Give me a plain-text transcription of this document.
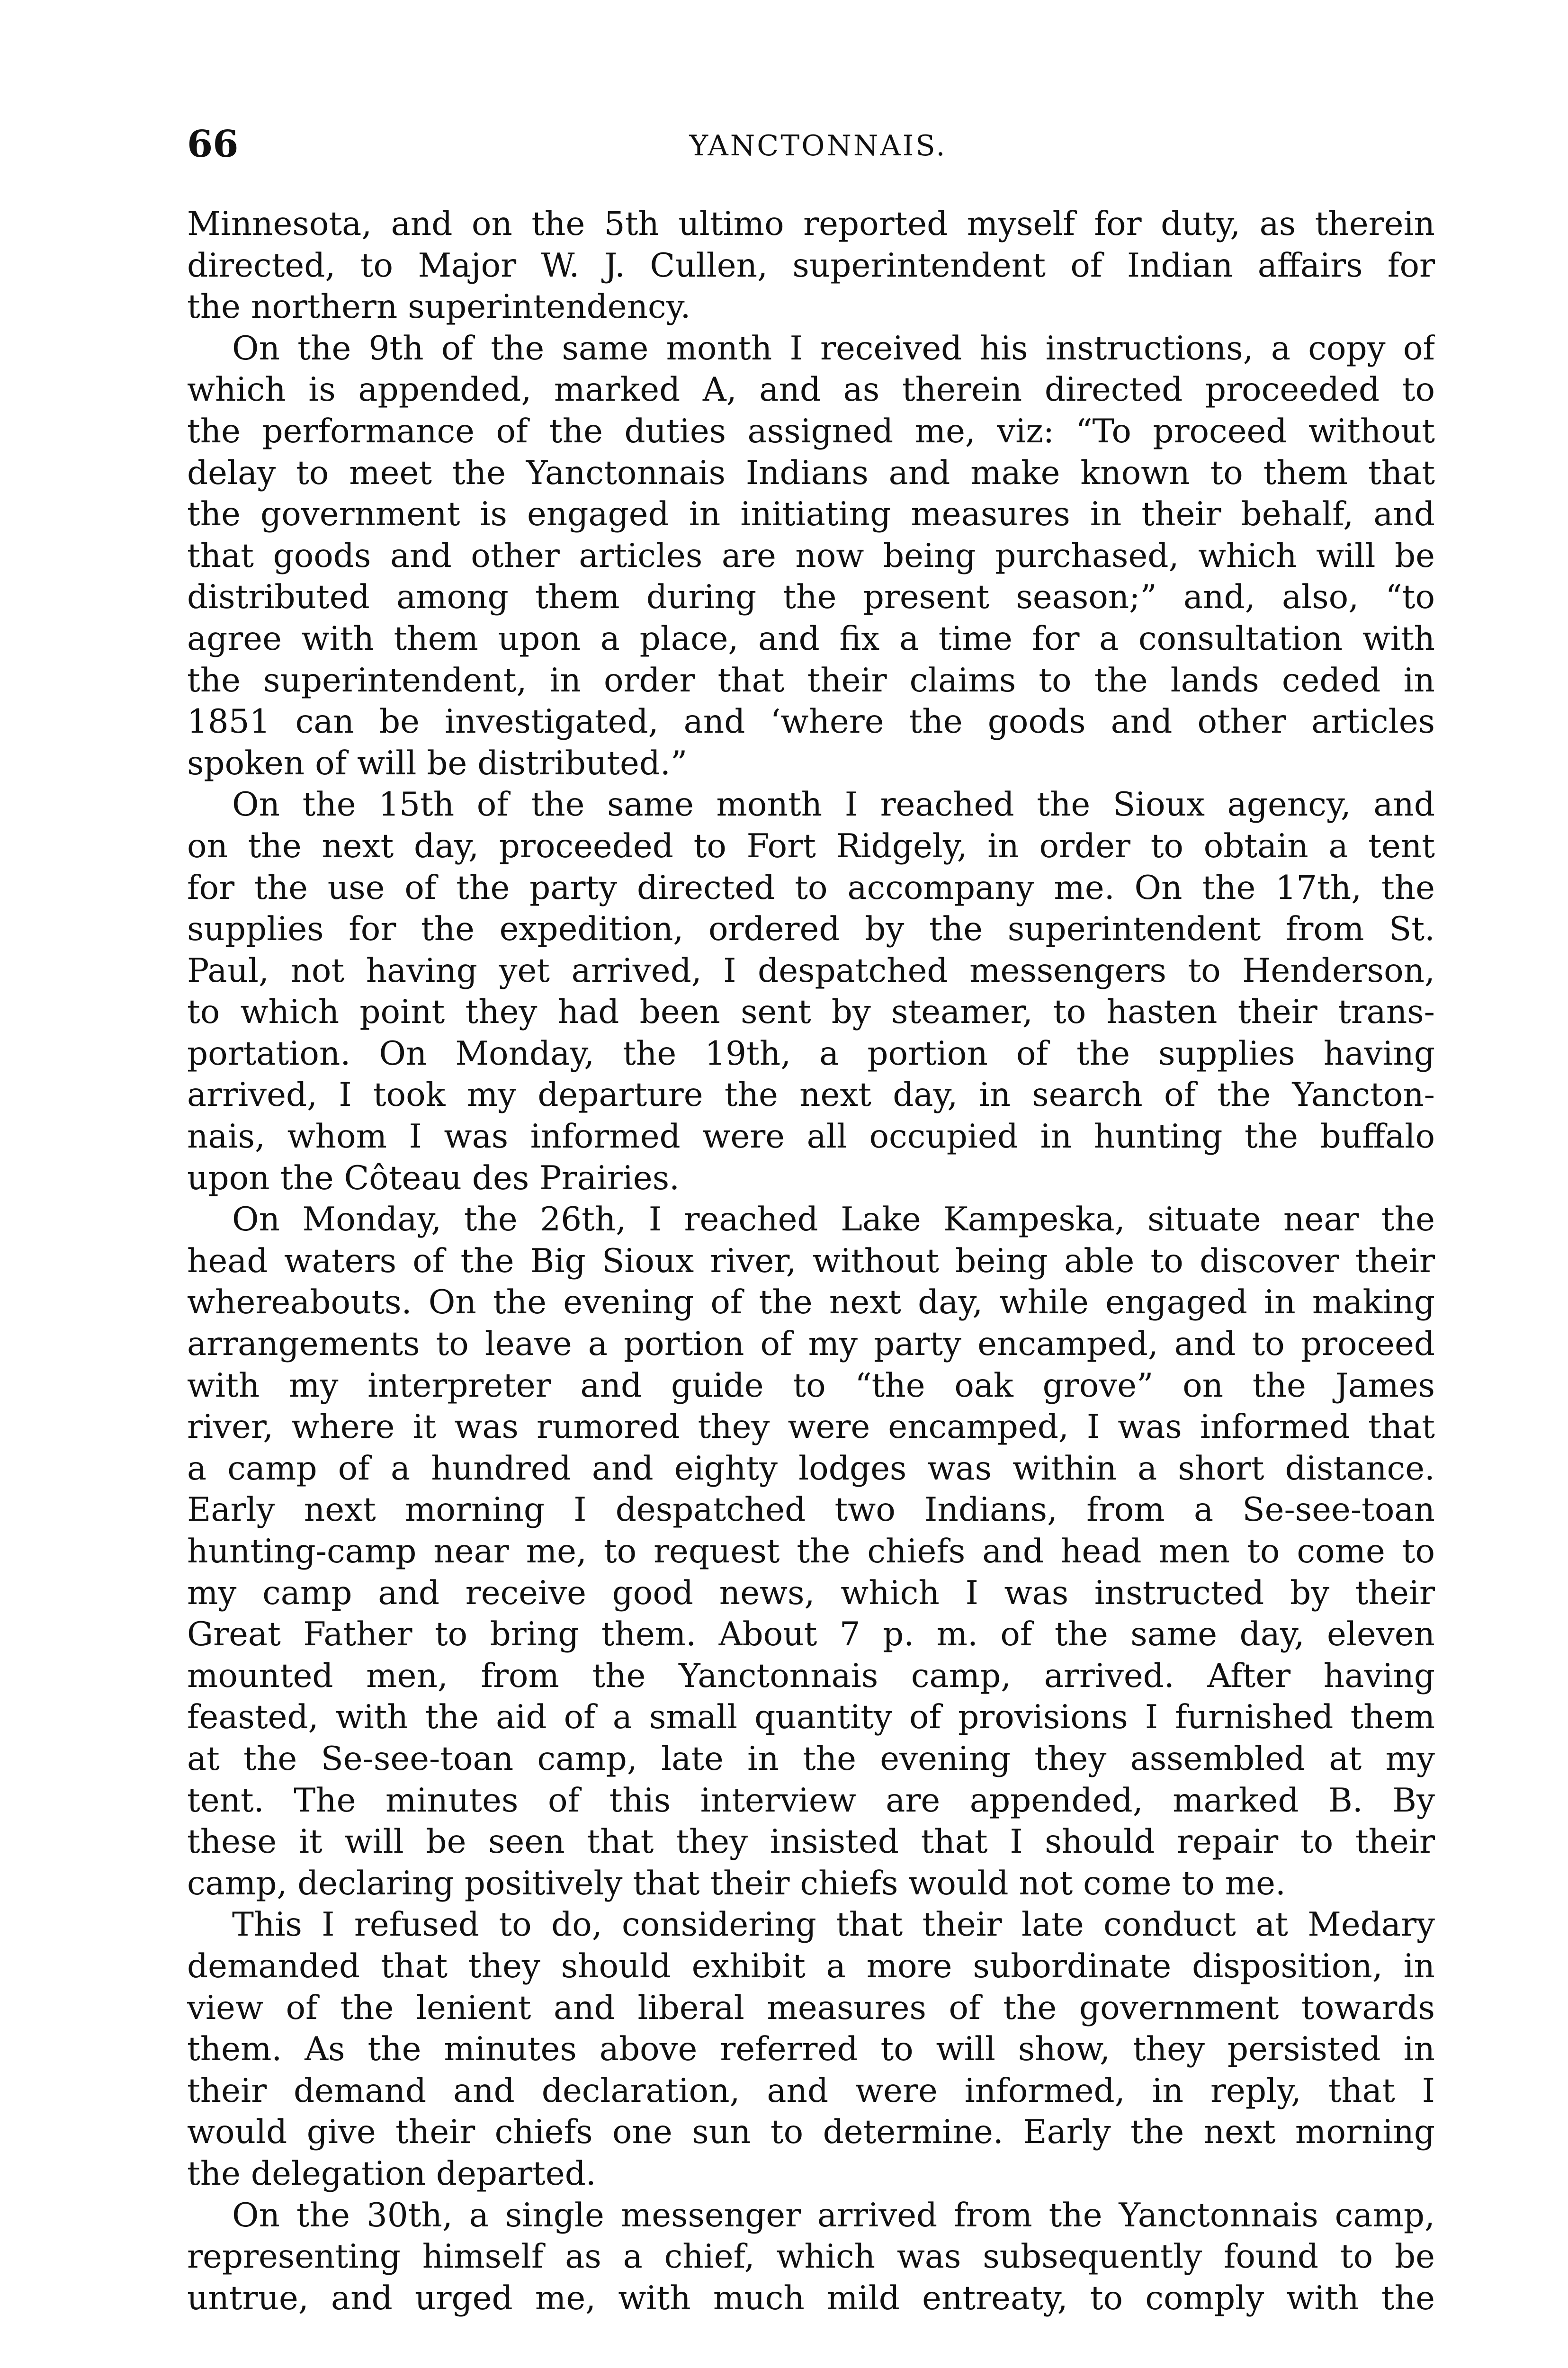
66	YANCTONNAIS.
Minnesota, and on the 5th ultimo reported myself for duty, as therein
directed, to Major W. J. Cullen, superintendent of Indian affairs for
the northern superintendency.
On the 9th of the same month I received his instructions, a copy of
which is appended, marked A, and as therein directed proceeded to
the performance of the duties assigned me, viz: “To proceed without
delay to meet the Yanctonnais Indians and make known to them that
the government is engaged in initiating measures in their behalf, and
that goods and other articles are now being purchased, which will be
distributed among them during the present season;” and, also, “to
agree with them upon a place, and fix a time for a consultation with
the superintendent, in order that their claims to the lands ceded in
1851 can be investigated, and ‘where the goods and other articles
spoken of will be distributed.”
On the 15th of the same month I reached the Sioux agency, and
on the next day, proceeded to Fort Ridgely, in order to obtain a tent
for the use of the party directed to accompany me. On the 17th, the
supplies for the expedition, ordered by the superintendent from St.
Paul, not having yet arrived, I despatched messengers to Henderson,
to which point they had been sent by steamer, to hasten their trans-
portation. On Monday, the 19th, a portion of the supplies having
arrived, I took my departure the next day, in search of the Yancton-
nais, whom I was informed were all occupied in hunting the buffalo
upon the Côteau des Prairies.
On Monday, the 26th, I reached Lake Kampeska, situate near the
head waters of the Big Sioux river, without being able to discover their
whereabouts. On the evening of the next day, while engaged in making
arrangements to leave a portion of my party encamped, and to proceed
with my interpreter and guide to “the oak grove” on the James
river, where it was rumored they were encamped, I was informed that
a camp of a hundred and eighty lodges was within a short distance.
Early next morning I despatched two Indians, from a Se-see-toan
hunting-camp near me, to request the chiefs and head men to come to
my camp and receive good news, which I was instructed by their
Great Father to bring them. About 7 p. m. of the same day, eleven
mounted men, from the Yanctonnais camp, arrived. After having
feasted, with the aid of a small quantity of provisions I furnished them
at the Se-see-toan camp, late in the evening they assembled at my
tent. The minutes of this interview are appended, marked B. By
these it will be seen that they insisted that I should repair to their
camp, declaring positively that their chiefs would not come to me.
This I refused to do, considering that their late conduct at Medary
demanded that they should exhibit a more subordinate disposition, in
view of the lenient and liberal measures of the government towards
them. As the minutes above referred to will show, they persisted in
their demand and declaration, and were informed, in reply, that I
would give their chiefs one sun to determine. Early the next morning
the delegation departed.
On the 30th, a single messenger arrived from the Yanctonnais camp,
representing himself as a chief, which was subsequently found to be
untrue, and urged me, with much mild entreaty, to comply with the
